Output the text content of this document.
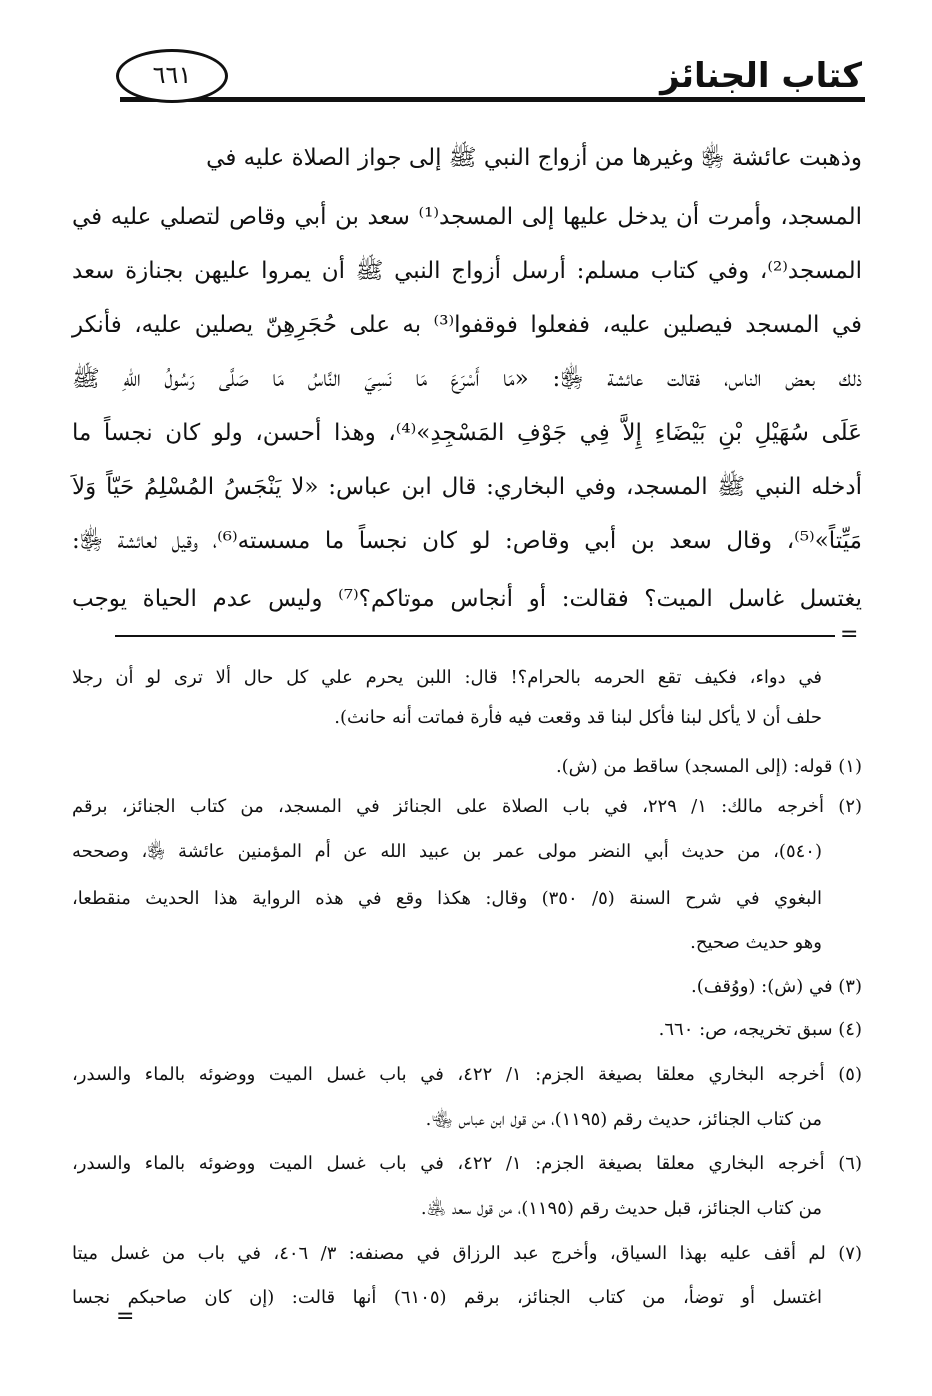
كتاب الجنائز
٦٦١
وذهبت عائشة ﵂ وغيرها من أزواج النبي ﷺ إلى جواز الصلاة عليه في
المسجد، وأمرت أن يدخل عليها إلى المسجد⁽¹⁾ سعد بن أبي وقاص لتصلي عليه في
المسجد⁽²⁾، وفي كتاب مسلم: أرسل أزواج النبي ﷺ أن يمروا عليهن بجنازة سعد
في المسجد فيصلين عليه، ففعلوا فوقفوا⁽³⁾ به على حُجَرِهِنّ يصلين عليه، فأنكر
ذلك بعض الناس، فقالت عائشة ﵂: «مَا أَسْرَعَ مَا نَسِيَ النَّاسُ مَا صَلَّى رَسُولُ اللهِ ﷺ
عَلَى سُهَيْلِ بْنِ بَيْضَاءِ إِلاَّ فِي جَوْفِ المَسْجِدِ»⁽⁴⁾، وهذا أحسن، ولو كان نجساً ما
أدخله النبي ﷺ المسجد، وفي البخاري: قال ابن عباس: «لا يَنْجَسُ المُسْلِمُ حَيّاً وَلاَ
مَيِّتاً»⁽⁵⁾، وقال سعد بن أبي وقاص: لو كان نجساً ما مسسته⁽⁶⁾، وقيل لعائشة ﵂:
يغتسل غاسل الميت؟ فقالت: أو أنجاس موتاكم؟⁽⁷⁾ وليس عدم الحياة يوجب
=
في دواء، فكيف تقع الحرمه بالحرام؟! قال: اللبن يحرم علي كل حال ألا ترى لو أن رجلا
حلف أن لا يأكل لبنا فأكل لبنا قد وقعت فيه فأرة فماتت أنه حانث).
(١) قوله: (إلى المسجد) ساقط من (ش).
(٢) أخرجه مالك: ١/ ٢٢٩، في باب الصلاة على الجنائز في المسجد، من كتاب الجنائز، برقم
(٥٤٠)، من حديث أبي النضر مولى عمر بن عبيد الله عن أم المؤمنين عائشة ﵂، وصححه
البغوي في شرح السنة (٥/ ٣٥٠) وقال: هكذا وقع في هذه الرواية هذا الحديث منقطعا،
وهو حديث صحيح.
(٣) في (ش): (ووُقف).
(٤) سبق تخريجه، ص: ٦٦٠.
(٥) أخرجه البخاري معلقا بصيغة الجزم: ١/ ٤٢٢، في باب غسل الميت ووضوئه بالماء والسدر،
من كتاب الجنائز، حديث رقم (١١٩٥)، من قول ابن عباس ﵄.
(٦) أخرجه البخاري معلقا بصيغة الجزم: ١/ ٤٢٢، في باب غسل الميت ووضوئه بالماء والسدر،
من كتاب الجنائز، قبل حديث رقم (١١٩٥)، من قول سعد ﵁.
(٧) لم أقف عليه بهذا السياق، وأخرج عبد الرزاق في مصنفه: ٣/ ٤٠٦، في باب من غسل ميتا
اغتسل أو توضأ، من كتاب الجنائز، برقم (٦١٠٥) أنها قالت: (إن كان صاحبكم نجسا
=
